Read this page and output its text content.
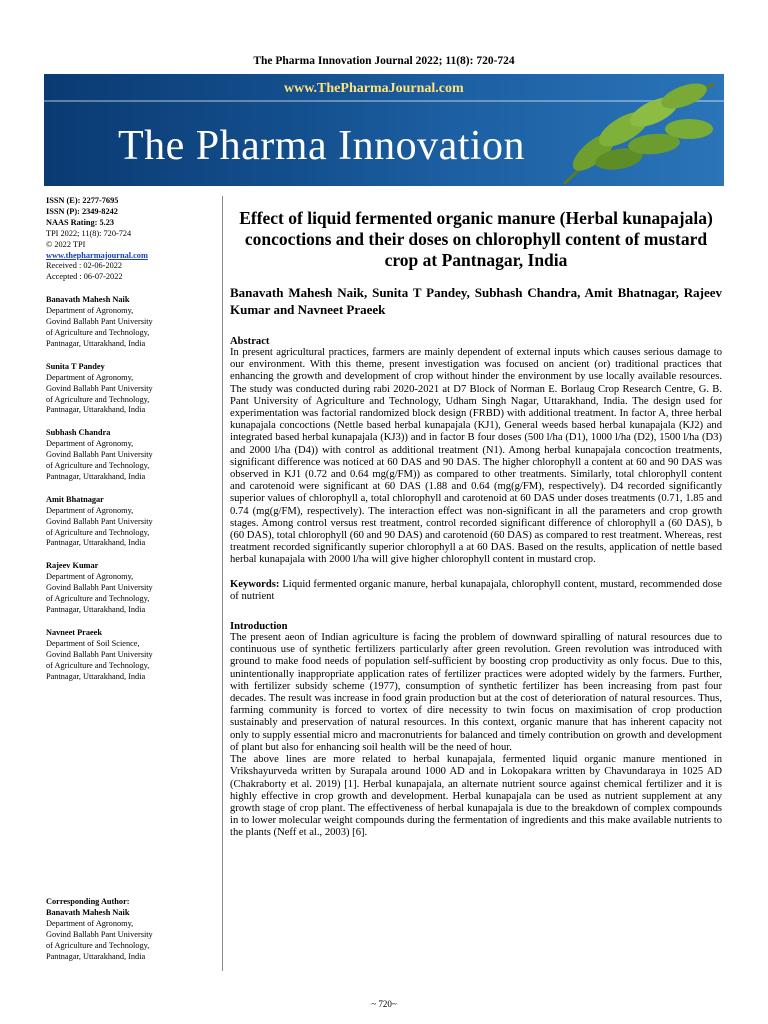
The Pharma Innovation Journal 2022; 11(8): 720-724
www.ThePharmaJournal.com
The Pharma Innovation
ISSN (E): 2277-7695
ISSN (P): 2349-8242
NAAS Rating: 5.23
TPI 2022; 11(8): 720-724
© 2022 TPI
www.thepharmajournal.com
Received : 02-06-2022
Accepted : 06-07-2022
Banavath Mahesh Naik
Department of Agronomy,
Govind Ballabh Pant University
of Agriculture and Technology,
Pantnagar, Uttarakhand, India
Sunita T Pandey
Department of Agronomy,
Govind Ballabh Pant University
of Agriculture and Technology,
Pantnagar, Uttarakhand, India
Subhash Chandra
Department of Agronomy,
Govind Ballabh Pant University
of Agriculture and Technology,
Pantnagar, Uttarakhand, India
Amit Bhatnagar
Department of Agronomy,
Govind Ballabh Pant University
of Agriculture and Technology,
Pantnagar, Uttarakhand, India
Rajeev Kumar
Department of Agronomy,
Govind Ballabh Pant University
of Agriculture and Technology,
Pantnagar, Uttarakhand, India
Navneet Praeek
Department of Soil Science,
Govind Ballabh Pant University
of Agriculture and Technology,
Pantnagar, Uttarakhand, India
Effect of liquid fermented organic manure (Herbal kunapajala) concoctions and their doses on chlorophyll content of mustard crop at Pantnagar, India
Banavath Mahesh Naik, Sunita T Pandey, Subhash Chandra, Amit Bhatnagar, Rajeev Kumar and Navneet Praeek
Abstract

In present agricultural practices, farmers are mainly dependent of external inputs which causes serious damage to our environment. With this theme, present investigation was focused on ancient (or) traditional practices that enhancing the growth and development of crop without hinder the environment by use locally available resources. The study was conducted during rabi 2020-2021 at D7 Block of Norman E. Borlaug Crop Research Centre, G. B. Pant University of Agriculture and Technology, Udham Singh Nagar, Uttarakhand, India. The design used for experimentation was factorial randomized block design (FRBD) with additional treatment. In factor A, three herbal kunapajala concoctions (Nettle based herbal kunapajala (KJ1), General weeds based herbal kunapajala (KJ2) and integrated based herbal kunapajala (KJ3)) and in factor B four doses (500 l/ha (D1), 1000 l/ha (D2), 1500 l/ha (D3) and 2000 l/ha (D4)) with control as additional treatment (N1). Among herbal kunapajala concoction treatments, significant difference was noticed at 60 DAS and 90 DAS. The higher chlorophyll a content at 60 and 90 DAS was observed in KJ1 (0.72 and 0.64 mg(g/FM)) as compared to other treatments. Similarly, total chlorophyll content and carotenoid were significant at 60 DAS (1.88 and 0.64 (mg(g/FM), respectively). D4 recorded significantly superior values of chlorophyll a, total chlorophyll and carotenoid at 60 DAS under doses treatments (0.71, 1.85 and 0.74 (mg(g/FM), respectively). The interaction effect was non-significant in all the parameters and crop growth stages. Among control versus rest treatment, control recorded significant difference of chlorophyll a (60 DAS), b (60 DAS), total chlorophyll (60 and 90 DAS) and carotenoid (60 DAS) as compared to rest treatment. Whereas, rest treatment recorded significantly superior chlorophyll a at 60 DAS. Based on the results, application of nettle based herbal kunapajala with 2000 l/ha will give higher chlorophyll content in mustard crop.

Keywords: Liquid fermented organic manure, herbal kunapajala, chlorophyll content, mustard, recommended dose of nutrient
Introduction

The present aeon of Indian agriculture is facing the problem of downward spiralling of natural resources due to continuous use of synthetic fertilizers particularly after green revolution. Green revolution was introduced with ground to make food needs of population self-sufficient by boosting crop productivity as only focus. Due to this, unintentionally inappropriate application rates of fertilizer practices were adopted widely by the farmers. Further, with fertilizer subsidy scheme (1977), consumption of synthetic fertilizer has been increasing from past four decades. The result was increase in food grain production but at the cost of deterioration of natural resources. Thus, farming community is forced to vortex of dire necessity to twin focus on maximisation of crop production sustainably and preservation of natural resources. In this context, organic manure that has inherent capacity not only to supply essential micro and macronutrients for balanced and timely contribution on growth and development of plant but also for enhancing soil health will be the need of hour.

The above lines are more related to herbal kunapajala, fermented liquid organic manure mentioned in Vrikshayurveda written by Surapala around 1000 AD and in Lokopakara written by Chavundaraya in 1025 AD (Chakraborty et al. 2019) [1]. Herbal kunapajala, an alternate nutrient source against chemical fertilizer and it is highly effective in crop growth and development. Herbal kunapajala can be used as nutrient supplement at any growth stage of crop plant. The effectiveness of herbal kunapajala is due to the breakdown of complex compounds in to lower molecular weight compounds during the fermentation of ingredients and this make available nutrients to the plants (Neff et al., 2003) [6].

Corresponding Author:
Banavath Mahesh Naik
Department of Agronomy,
Govind Ballabh Pant University
of Agriculture and Technology,
Pantnagar, Uttarakhand, India
~ 720~
